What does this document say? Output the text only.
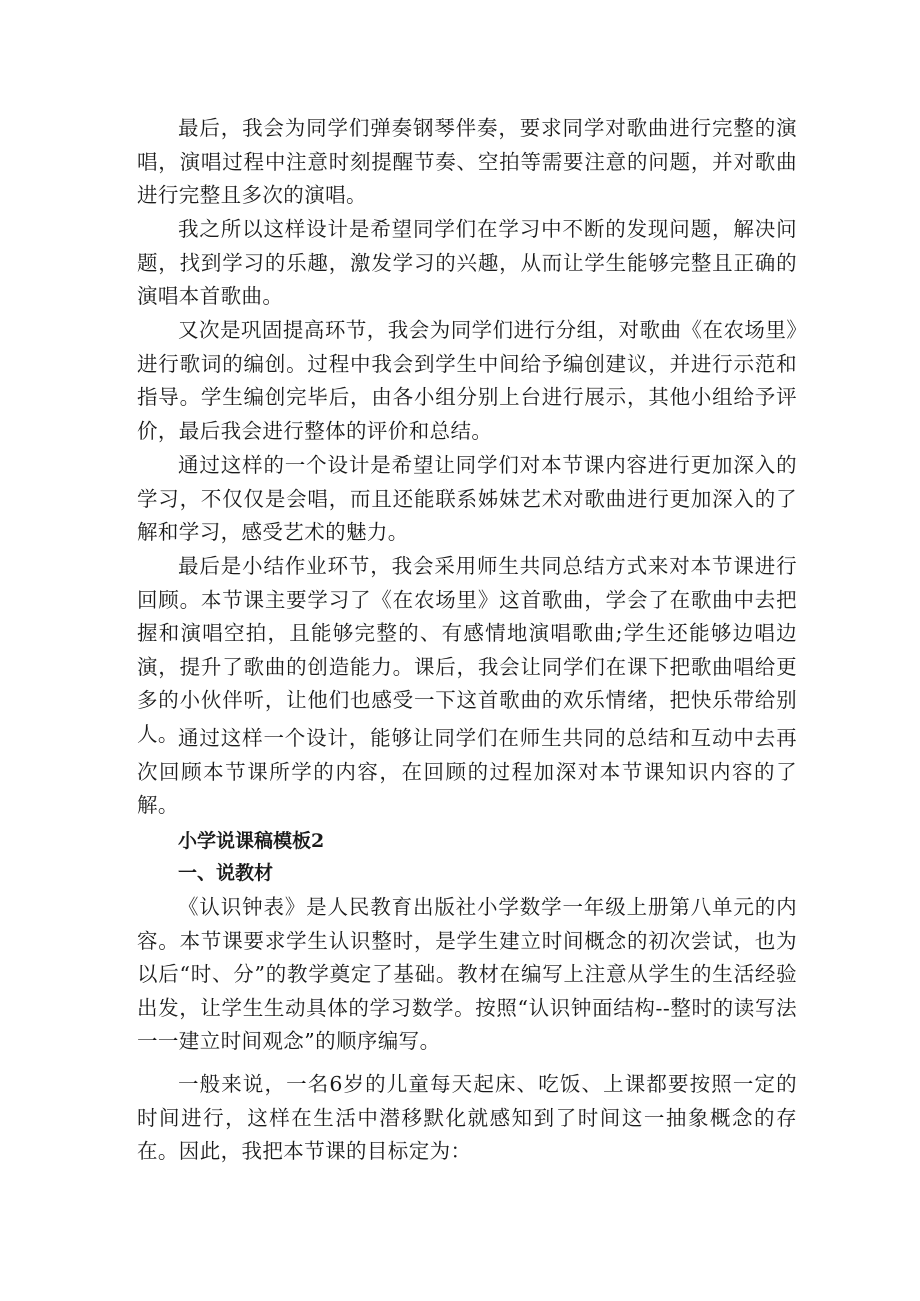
最后，我会为同学们弹奏钢琴伴奏，要求同学对歌曲进行完整的演唱，演唱过程中注意时刻提醒节奏、空拍等需要注意的问题，并对歌曲进行完整且多次的演唱。

我之所以这样设计是希望同学们在学习中不断的发现问题，解决问题，找到学习的乐趣，激发学习的兴趣，从而让学生能够完整且正确的演唱本首歌曲。

又次是巩固提高环节，我会为同学们进行分组，对歌曲《在农场里》进行歌词的编创。过程中我会到学生中间给予编创建议，并进行示范和指导。学生编创完毕后，由各小组分别上台进行展示，其他小组给予评价，最后我会进行整体的评价和总结。

通过这样的一个设计是希望让同学们对本节课内容进行更加深入的学习，不仅仅是会唱，而且还能联系姊妹艺术对歌曲进行更加深入的了解和学习，感受艺术的魅力。

最后是小结作业环节，我会采用师生共同总结方式来对本节课进行回顾。本节课主要学习了《在农场里》这首歌曲，学会了在歌曲中去把握和演唱空拍，且能够完整的、有感情地演唱歌曲;学生还能够边唱边演，提升了歌曲的创造能力。课后，我会让同学们在课下把歌曲唱给更多的小伙伴听，让他们也感受一下这首歌曲的欢乐情绪，把快乐带给别人。 通过这样一个设计，能够让同学们在师生共同的总结和互动中去再次回顾本节课所学的内容，在回顾的过程加深对本节课知识内容的了解。

小学说课稿模板2
一、说教材

《认识钟表》是人民教育出版社小学数学一年级上册第八单元的内容。本节课要求学生认识整时，是学生建立时间概念的初次尝试，也为以后“时、分”的教学奠定了基础。教材在编写上注意从学生的生活经验出发，让学生生动具体的学习数学。按照“认识钟面结构--整时的读写法一一建立时间观念”的顺序编写。

一般来说，一名6岁的儿童每天起床、吃饭、上课都要按照一定的时间进行，这样在生活中潜移默化就感知到了时间这一抽象概念的存在。因此，我把本节课的目标定为：
